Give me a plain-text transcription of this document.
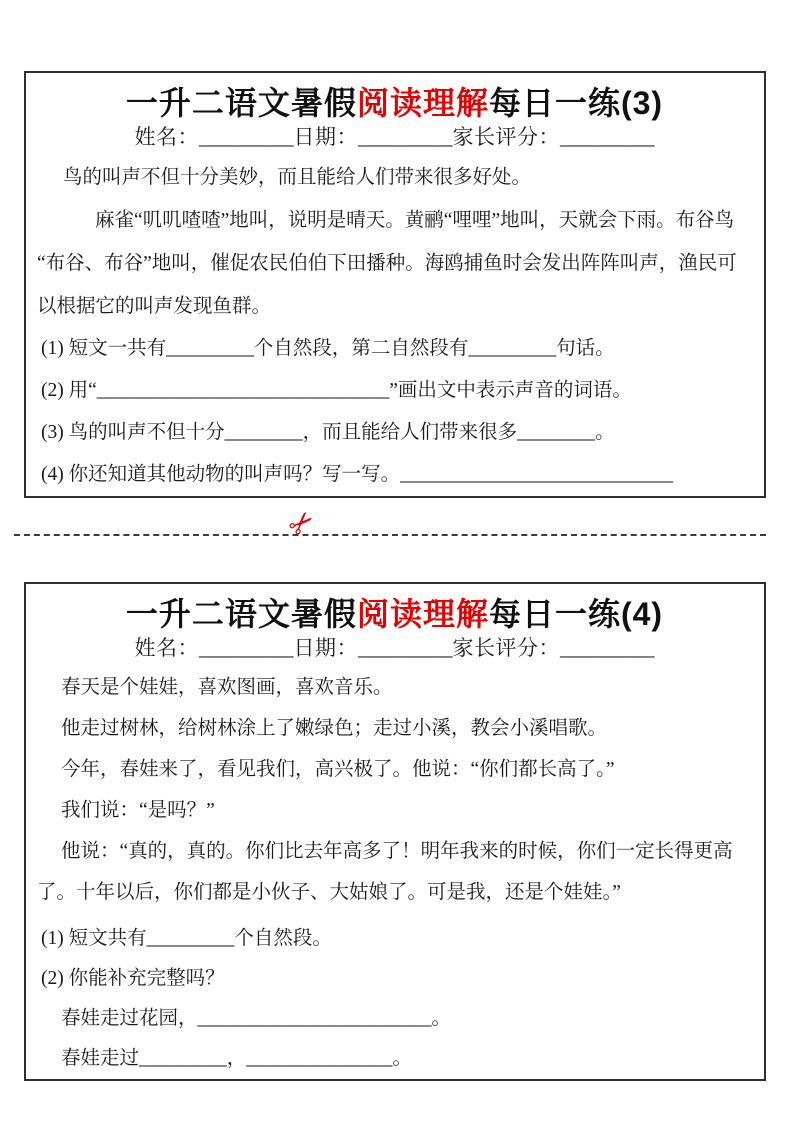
一升二语文暑假阅读理解每日一练(3)
姓名：_________日期：_________家长评分：_________

鸟的叫声不但十分美妙，而且能给人们带来很多好处。

麻雀“叽叽喳喳”地叫，说明是晴天。黄鹂“哩哩”地叫，天就会下雨。布谷鸟“布谷、布谷”地叫，催促农民伯伯下田播种。海鸥捕鱼时会发出阵阵叫声，渔民可以根据它的叫声发现鱼群。

(1) 短文一共有_________个自然段，第二自然段有_________句话。

(2) 用“______________________________”画出文中表示声音的词语。

(3) 鸟的叫声不但十分________，而且能给人们带来很多________。

(4) 你还知道其他动物的叫声吗？写一写。____________________________

✂
一升二语文暑假阅读理解每日一练(4)
姓名：_________日期：_________家长评分：_________

春天是个娃娃，喜欢图画，喜欢音乐。

他走过树林，给树林涂上了嫩绿色；走过小溪，教会小溪唱歌。

今年，春娃来了，看见我们，高兴极了。他说：“你们都长高了。”

我们说：“是吗？”

他说：“真的，真的。你们比去年高多了！明年我来的时候，你们一定长得更高了。十年以后，你们都是小伙子、大姑娘了。可是我，还是个娃娃。”

(1) 短文共有_________个自然段。

(2) 你能补充完整吗？

春娃走过花园，________________________。

春娃走过_________，_______________。
